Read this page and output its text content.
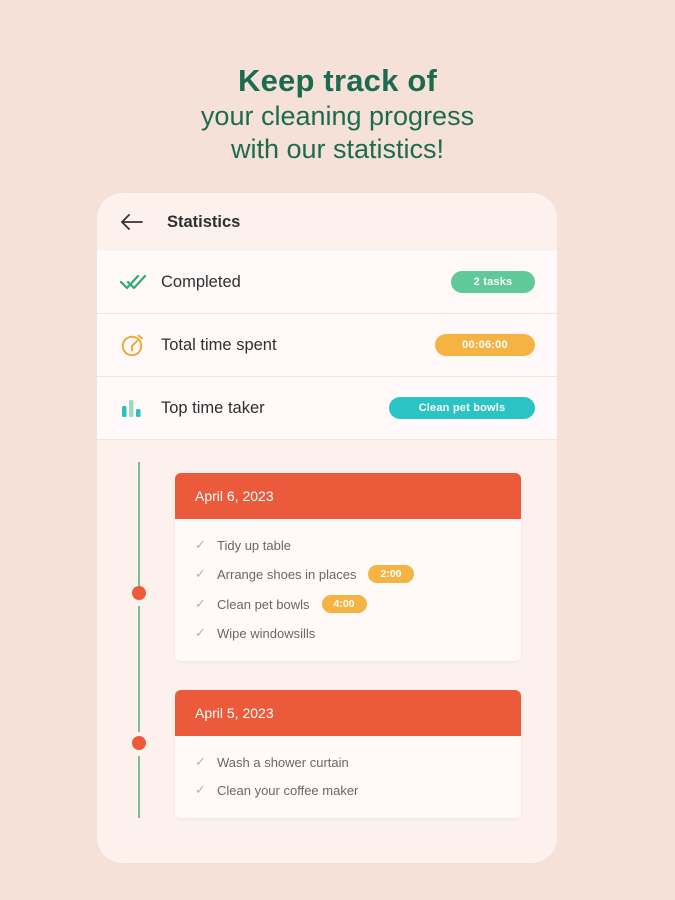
Keep track of
your cleaning progress
with our statistics!
Statistics
Completed	2 tasks
Total time spent	00:06:00
Top time taker	Clean pet bowls
April 6, 2023
✓ Tidy up table
✓ Arrange shoes in places	2:00
✓ Clean pet bowls	4:00
✓ Wipe windowsills
April 5, 2023
✓ Wash a shower curtain
✓ Clean your coffee maker
